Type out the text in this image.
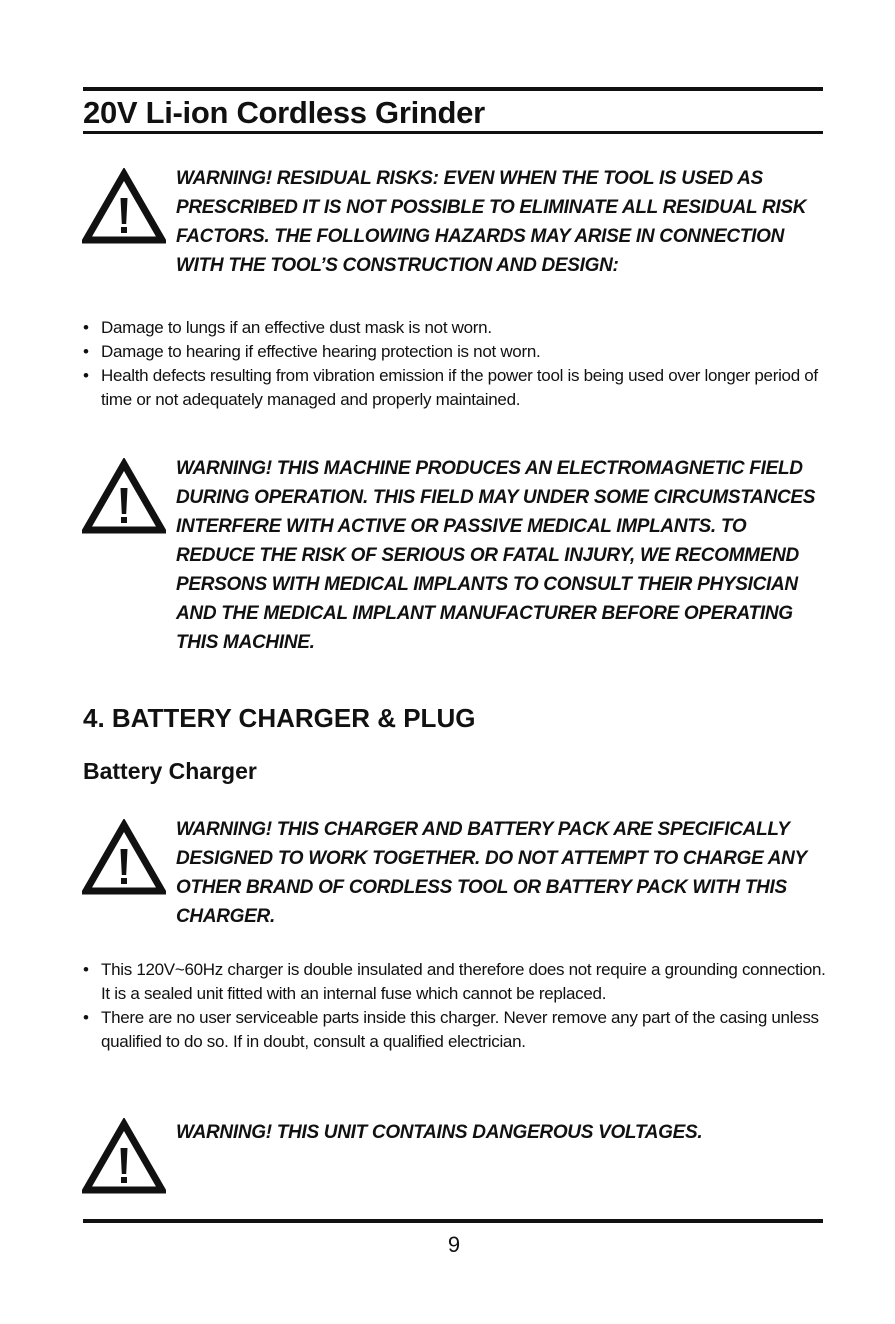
20V Li-ion Cordless Grinder

WARNING! RESIDUAL RISKS: EVEN WHEN THE TOOL IS USED AS PRESCRIBED IT IS NOT POSSIBLE TO ELIMINATE ALL RESIDUAL RISK FACTORS. THE FOLLOWING HAZARDS MAY ARISE IN CONNECTION WITH THE TOOL’S CONSTRUCTION AND DESIGN:

• Damage to lungs if an effective dust mask is not worn.
• Damage to hearing if effective hearing protection is not worn.
• Health defects resulting from vibration emission if the power tool is being used over longer period of time or not adequately managed and properly maintained.

WARNING! THIS MACHINE PRODUCES AN ELECTROMAGNETIC FIELD DURING OPERATION. THIS FIELD MAY UNDER SOME CIRCUMSTANCES INTERFERE WITH ACTIVE OR PASSIVE MEDICAL IMPLANTS. TO REDUCE THE RISK OF SERIOUS OR FATAL INJURY, WE RECOMMEND PERSONS WITH MEDICAL IMPLANTS TO CONSULT THEIR PHYSICIAN AND THE MEDICAL IMPLANT MANUFACTURER BEFORE OPERATING THIS MACHINE.

4. BATTERY CHARGER & PLUG
Battery Charger

WARNING! THIS CHARGER AND BATTERY PACK ARE SPECIFICALLY DESIGNED TO WORK TOGETHER. DO NOT ATTEMPT TO CHARGE ANY OTHER BRAND OF CORDLESS TOOL OR BATTERY PACK WITH THIS CHARGER.

• This 120V~60Hz charger is double insulated and therefore does not require a grounding connection. It is a sealed unit fitted with an internal fuse which cannot be replaced.
• There are no user serviceable parts inside this charger. Never remove any part of the casing unless qualified to do so. If in doubt, consult a qualified electrician.

WARNING! THIS UNIT CONTAINS DANGEROUS VOLTAGES.

9
